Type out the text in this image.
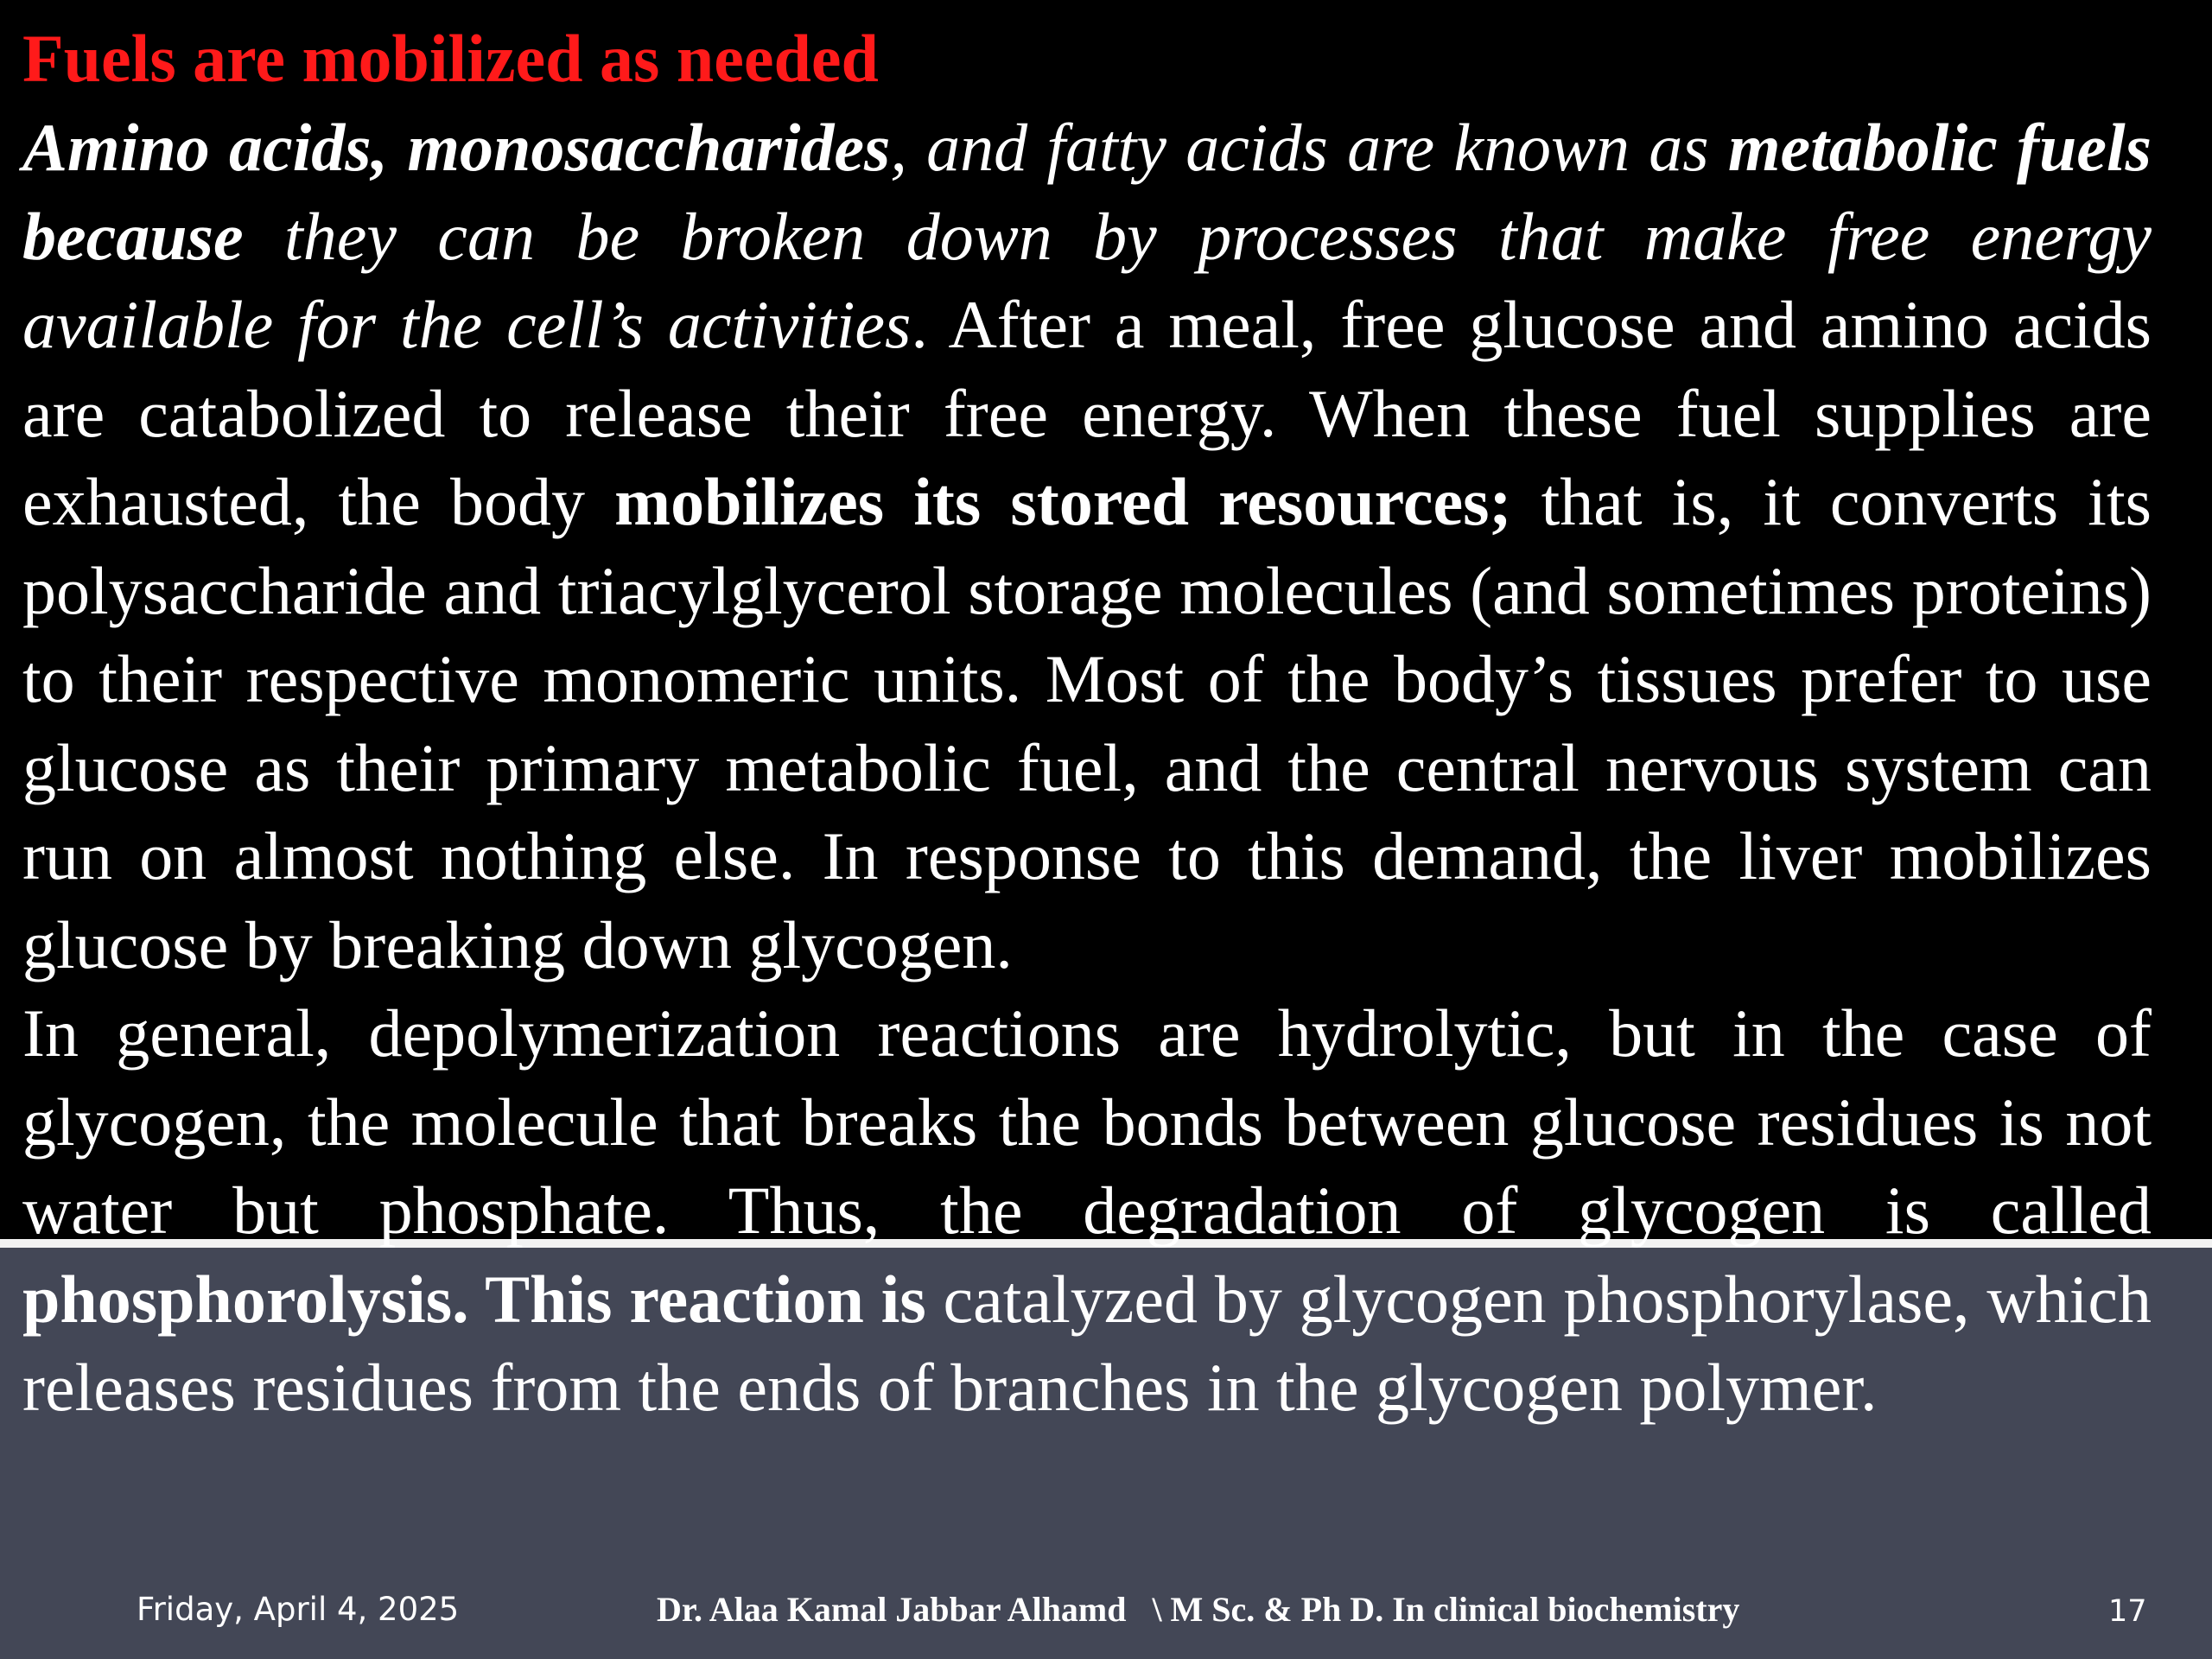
Fuels are mobilized as needed

Amino acids, monosaccharides, and fatty acids are known as metabolic fuels because they can be broken down by processes that make free energy available for the cell’s activities. After a meal, free glucose and amino acids are catabolized to release their free energy. When these fuel supplies are exhausted, the body mobilizes its stored resources; that is, it converts its polysaccharide and triacylglycerol storage molecules (and sometimes proteins) to their respective monomeric units. Most of the body’s tissues prefer to use glucose as their primary metabolic fuel, and the central nervous system can run on almost nothing else. In response to this demand, the liver mobilizes glucose by breaking down glycogen.

In general, depolymerization reactions are hydrolytic, but in the case of glycogen, the molecule that breaks the bonds between glucose residues is not water but phosphate. Thus, the degradation of glycogen is called phosphorolysis. This reaction is catalyzed by glycogen phosphorylase, which releases residues from the ends of branches in the glycogen polymer.

Friday, April 4, 2025	Dr. Alaa Kamal Jabbar Alhamd   \ M Sc. & Ph D. In clinical biochemistry	17
